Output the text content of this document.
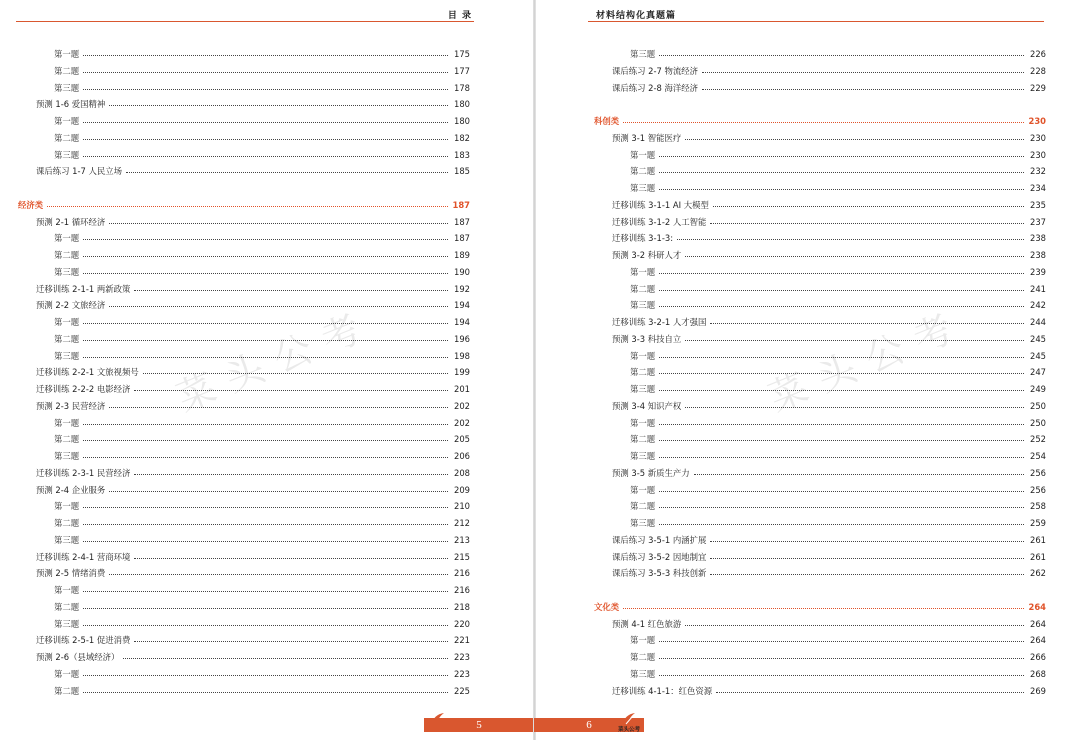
目 录
菜头公考
第一题	175
第二题	177
第三题	178
预测 1-6 爱国精神	180
第一题	180
第二题	182
第三题	183
课后练习 1-7 人民立场	185
经济类	187
预测 2-1 循环经济	187
第一题	187
第二题	189
第三题	190
迁移训练 2-1-1 两新政策	192
预测 2-2 文旅经济	194
第一题	194
第二题	196
第三题	198
迁移训练 2-2-1 文旅视频号	199
迁移训练 2-2-2 电影经济	201
预测 2-3 民营经济	202
第一题	202
第二题	205
第三题	206
迁移训练 2-3-1 民营经济	208
预测 2-4 企业服务	209
第一题	210
第二题	212
第三题	213
迁移训练 2-4-1 营商环境	215
预测 2-5 情绪消费	216
第一题	216
第二题	218
第三题	220
迁移训练 2-5-1 促进消费	221
预测 2-6（县域经济）	223
第一题	223
第二题	225
5
材料结构化真题篇
菜头公考
第三题	226
课后练习 2-7 物流经济	228
课后练习 2-8 海洋经济	229
科创类	230
预测 3-1 智能医疗	230
第一题	230
第二题	232
第三题	234
迁移训练 3-1-1 AI 大模型	235
迁移训练 3-1-2 人工智能	237
迁移训练 3-1-3:	238
预测 3-2 科研人才	238
第一题	239
第二题	241
第三题	242
迁移训练 3-2-1 人才强国	244
预测 3-3 科技自立	245
第一题	245
第二题	247
第三题	249
预测 3-4 知识产权	250
第一题	250
第二题	252
第三题	254
预测 3-5 新质生产力	256
第一题	256
第二题	258
第三题	259
课后练习 3-5-1 内涵扩展	261
课后练习 3-5-2 因地制宜	261
课后练习 3-5-3 科技创新	262
文化类	264
预测 4-1 红色旅游	264
第一题	264
第二题	266
第三题	268
迁移训练 4-1-1：红色资源	269
6	菜头公考
